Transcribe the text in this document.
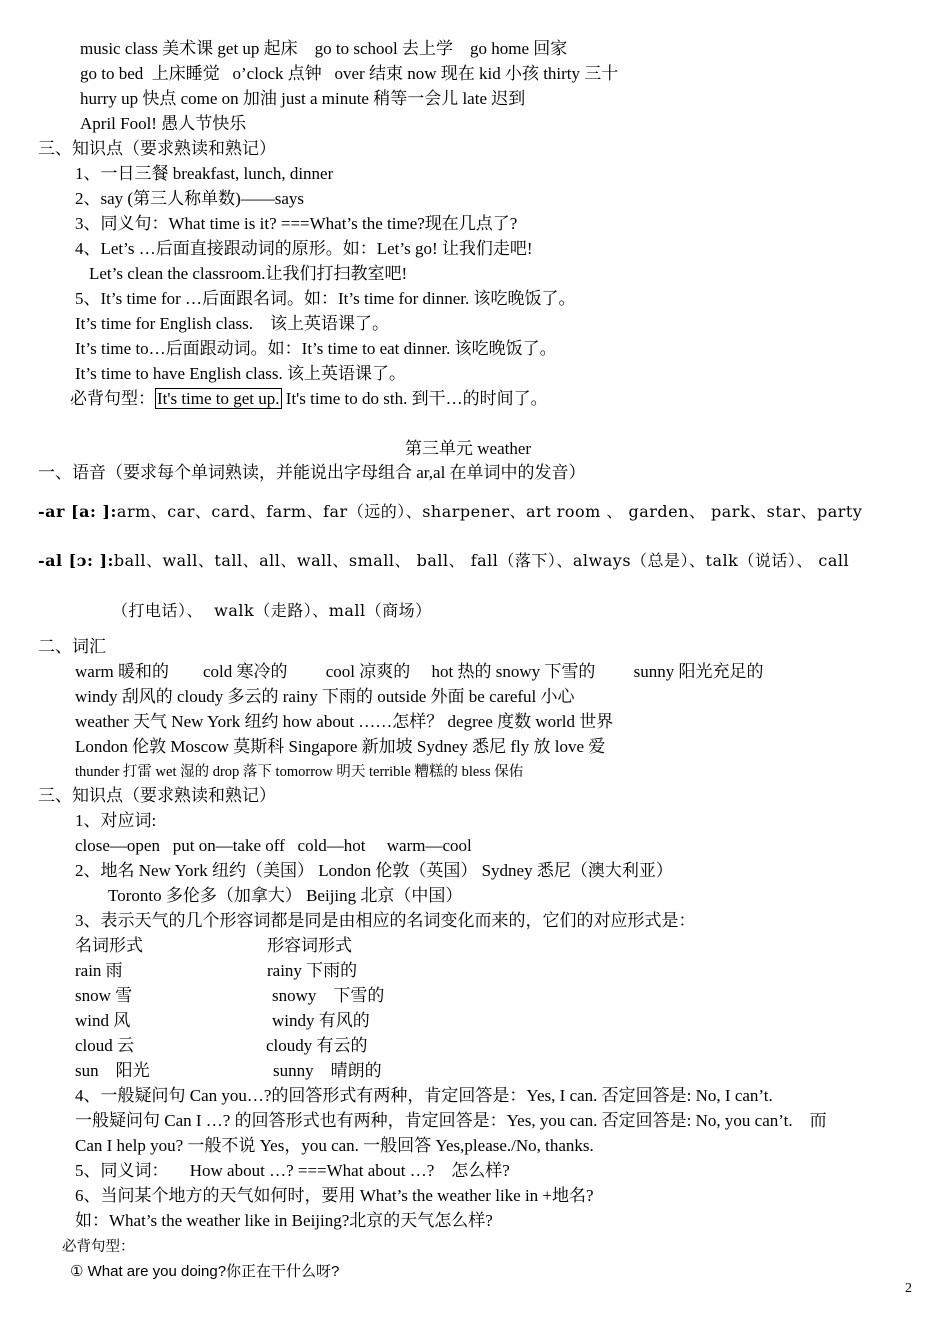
music class 美术课 get up 起床    go to school 去上学    go home 回家
go to bed  上床睡觉   o’clock 点钟   over 结束 now 现在 kid 小孩 thirty 三十
hurry up 快点 come on 加油 just a minute 稍等一会儿 late 迟到
April Fool! 愚人节快乐
三、知识点（要求熟读和熟记）
1、一日三餐 breakfast, lunch, dinner
2、say (第三人称单数)——says
3、同义句：What time is it? ===What’s the time?现在几点了?
4、Let’s …后面直接跟动词的原形。如：Let’s go! 让我们走吧!
Let’s clean the classroom.让我们打扫教室吧!
5、It’s time for …后面跟名词。如：It’s time for dinner. 该吃晚饭了。
It’s time for English class.    该上英语课了。
It’s time to…后面跟动词。如：It’s time to eat dinner. 该吃晚饭了。
It’s time to have English class. 该上英语课了。
必背句型： It's time to get up. It's time to do sth. 到干…的时间了。
第三单元 weather
一、语音（要求每个单词熟读，并能说出字母组合 ar,al 在单词中的发音）
-ar [a: ]:arm、car、card、farm、far（远的）、sharpener、art room 、 garden、 park、star、party
-al [ɔ: ]:ball、wall、tall、all、wall、small、 ball、 fall（落下）、always（总是）、talk（说话）、 call
（打电话）、  walk（走路）、mall（商场）
二、词汇
warm 暖和的        cold 寒冷的         cool 凉爽的     hot 热的 snowy 下雪的         sunny 阳光充足的
windy 刮风的 cloudy 多云的 rainy 下雨的 outside 外面 be careful 小心
weather 天气 New York 纽约 how about ……怎样？ degree 度数 world 世界
London 伦敦 Moscow 莫斯科 Singapore 新加坡 Sydney 悉尼 fly 放 love 爱
thunder 打雷 wet 湿的 drop 落下 tomorrow 明天 terrible 糟糕的 bless 保佑
三、知识点（要求熟读和熟记）
1、对应词:
close—open   put on—take off   cold—hot     warm—cool
2、地名 New York 纽约（美国） London 伦敦（英国） Sydney 悉尼（澳大利亚）
Toronto 多伦多（加拿大） Beijing 北京（中国）
3、表示天气的几个形容词都是同是由相应的名词变化而来的，它们的对应形式是：
名词形式	形容词形式
rain 雨	rainy 下雨的
snow 雪	snowy    下雪的
wind 风	windy 有风的
cloud 云	cloudy 有云的
sun    阳光	sunny    晴朗的
4、一般疑问句 Can you…?的回答形式有两种，肯定回答是：Yes, I can. 否定回答是: No, I can’t.
一般疑问句 Can I …? 的回答形式也有两种，肯定回答是：Yes, you can. 否定回答是: No, you can’t.    而
Can I help you? 一般不说 Yes，you can. 一般回答 Yes,please./No, thanks.
5、同义词：     How about …? ===What about …?    怎么样?
6、当问某个地方的天气如何时，要用 What’s the weather like in +地名?
如：What’s the weather like in Beijing?北京的天气怎么样?
必背句型：
① What are you doing?你正在干什么呀?
2
